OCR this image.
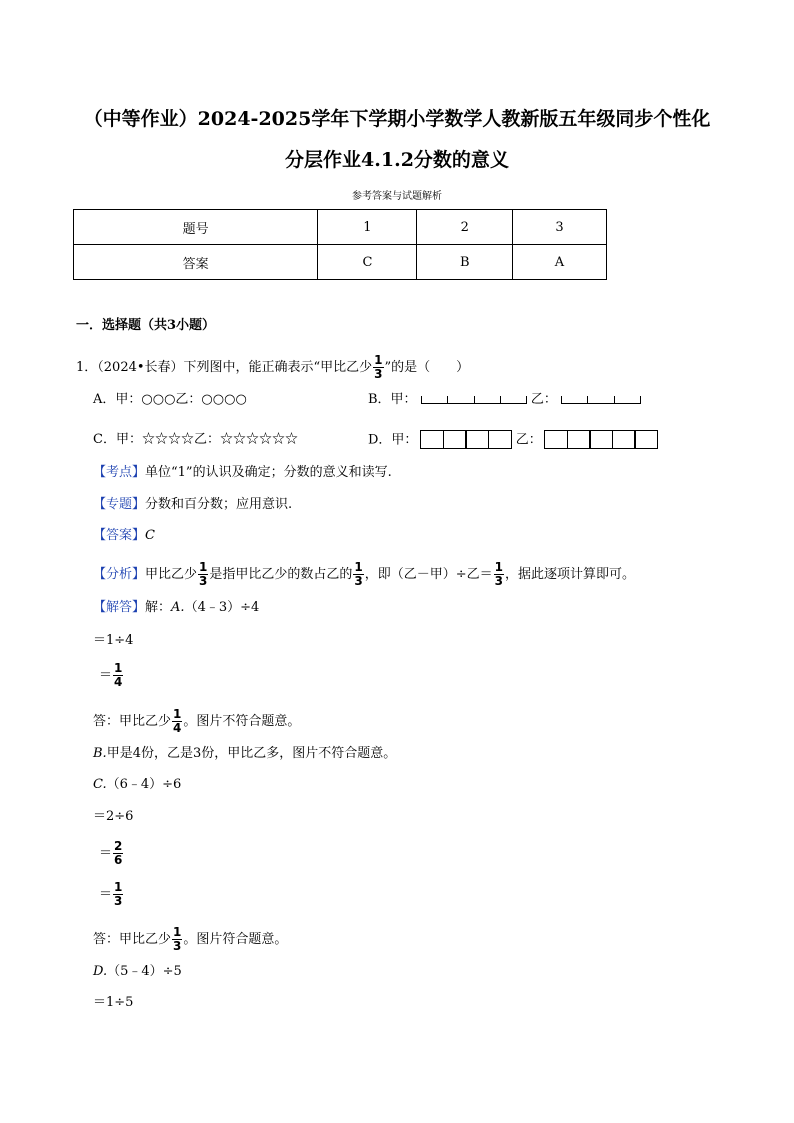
（中等作业）2024-2025学年下学期小学数学人教新版五年级同步个性化
分层作业4.1.2分数的意义
参考答案与试题解析
题号	1	2	3
答案	C	B	A
一．选择题（共3小题）
1．（2024•长春）下列图中，能正确表示“甲比乙少 $\frac{1}{3}$ ”的是（　　）
A．甲：○○○乙：○○○○	B．甲：	乙：
C．甲：☆☆☆☆乙：☆☆☆☆☆☆	D．甲：	乙：
【考点】单位“1”的认识及确定；分数的意义和读写.
【专题】分数和百分数；应用意识.
【答案】C
【分析】甲比乙少 $\frac{1}{3}$ 是指甲比乙少的数占乙的 $\frac{1}{3}$ ，即（乙－甲）÷乙＝ $\frac{1}{3}$ ，据此逐项计算即可。
【解答】解：A.（4﹣3）÷4
＝1÷4
＝ $\frac{1}{4}$
答：甲比乙少 $\frac{1}{4}$ 。图片不符合题意。
B.甲是4份，乙是3份，甲比乙多，图片不符合题意。
C.（6﹣4）÷6
＝2÷6
＝ $\frac{2}{6}$
＝ $\frac{1}{3}$
答：甲比乙少 $\frac{1}{3}$ 。图片符合题意。
D.（5﹣4）÷5
＝1÷5
